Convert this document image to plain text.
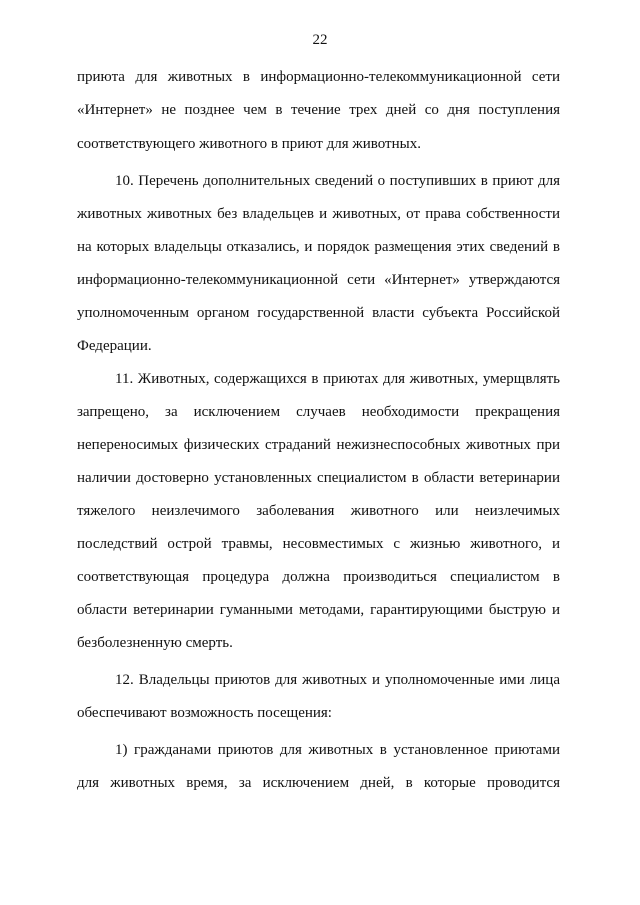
22
приюта для животных в информационно-телекоммуникационной сети
«Интернет» не позднее чем в течение трех дней со дня поступления
соответствующего животного в приют для животных.
10. Перечень дополнительных сведений о поступивших в приют для
животных животных без владельцев и животных, от права собственности
на которых владельцы отказались, и порядок размещения этих сведений в
информационно-телекоммуникационной сети «Интернет» утверждаются
уполномоченным органом государственной власти субъекта Российской
Федерации.
11. Животных, содержащихся в приютах для животных, умерщвлять
запрещено, за исключением случаев необходимости прекращения
непереносимых физических страданий нежизнеспособных животных при
наличии достоверно установленных специалистом в области ветеринарии
тяжелого неизлечимого заболевания животного или неизлечимых
последствий острой травмы, несовместимых с жизнью животного, и
соответствующая процедура должна производиться специалистом в
области ветеринарии гуманными методами, гарантирующими быструю и
безболезненную смерть.
12. Владельцы приютов для животных и уполномоченные ими лица
обеспечивают возможность посещения:
1) гражданами приютов для животных в установленное приютами
для животных время, за исключением дней, в которые проводится
